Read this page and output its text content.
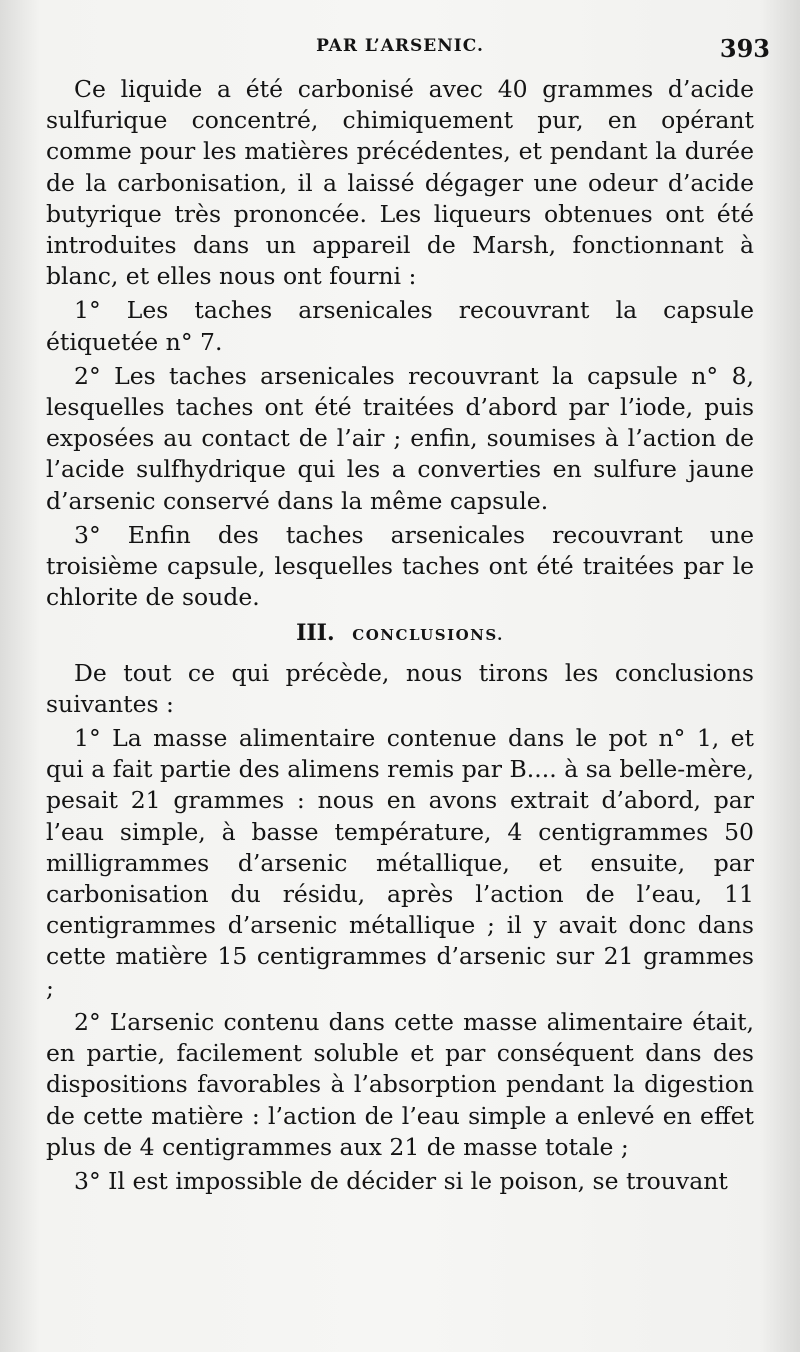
PAR L’ARSENIC.	393

Ce liquide a été carbonisé avec 40 grammes d’acide sulfurique concentré, chimiquement pur, en opérant comme pour les matières précédentes, et pendant la durée de la carbonisation, il a laissé dégager une odeur d’acide butyrique très prononcée. Les liqueurs obtenues ont été introduites dans un appareil de Marsh, fonctionnant à blanc, et elles nous ont fourni :

1° Les taches arsenicales recouvrant la capsule étiquetée n° 7.

2° Les taches arsenicales recouvrant la capsule n° 8, lesquelles taches ont été traitées d’abord par l’iode, puis exposées au contact de l’air ; enfin, soumises à l’action de l’acide sulfhydrique qui les a converties en sulfure jaune d’arsenic conservé dans la même capsule.

3° Enfin des taches arsenicales recouvrant une troisième capsule, lesquelles taches ont été traitées par le chlorite de soude.

III. CONCLUSIONS.

De tout ce qui précède, nous tirons les conclusions suivantes :

1° La masse alimentaire contenue dans le pot n° 1, et qui a fait partie des alimens remis par B.... à sa belle-mère, pesait 21 grammes : nous en avons extrait d’abord, par l’eau simple, à basse température, 4 centigrammes 50 milligrammes d’arsenic métallique, et ensuite, par carbonisation du résidu, après l’action de l’eau, 11 centigrammes d’arsenic métallique ; il y avait donc dans cette matière 15 centigrammes d’arsenic sur 21 grammes ;

2° L’arsenic contenu dans cette masse alimentaire était, en partie, facilement soluble et par conséquent dans des dispositions favorables à l’absorption pendant la digestion de cette matière : l’action de l’eau simple a enlevé en effet plus de 4 centigrammes aux 21 de masse totale ;

3° Il est impossible de décider si le poison, se trouvant
